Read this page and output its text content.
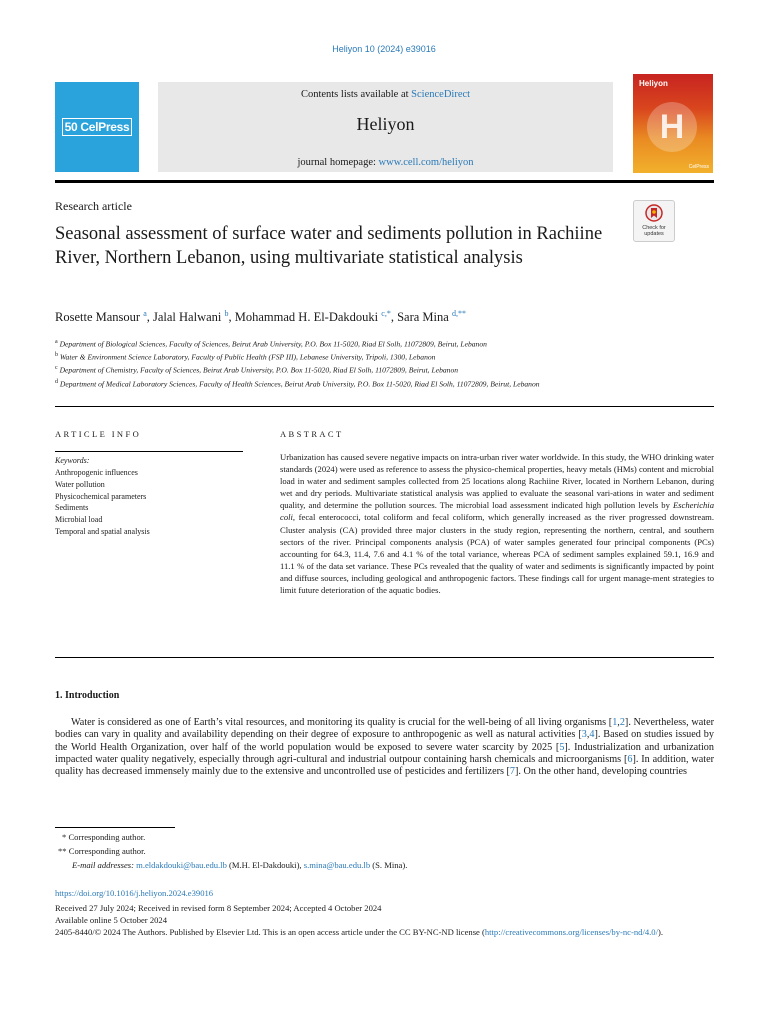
Heliyon 10 (2024) e39016
50 CelPress
Contents lists available at ScienceDirect
Heliyon
journal homepage: www.cell.com/heliyon
Heliyon
H
CelPress
Research article
Check for updates
Seasonal assessment of surface water and sediments pollution in Rachiine River, Northern Lebanon, using multivariate statistical analysis
Rosette Mansour $^a$, Jalal Halwani $^b$, Mohammad H. El-Dakdouki $^{c,*}$, Sara Mina $^{d,**}$
$^a$ Department of Biological Sciences, Faculty of Sciences, Beirut Arab University, P.O. Box 11-5020, Riad El Solh, 11072809, Beirut, Lebanon
$^b$ Water & Environment Science Laboratory, Faculty of Public Health (FSP III), Lebanese University, Tripoli, 1300, Lebanon
$^c$ Department of Chemistry, Faculty of Sciences, Beirut Arab University, P.O. Box 11-5020, Riad El Solh, 11072809, Beirut, Lebanon
$^d$ Department of Medical Laboratory Sciences, Faculty of Health Sciences, Beirut Arab University, P.O. Box 11-5020, Riad El Solh, 11072809, Beirut, Lebanon
ARTICLE INFO
Keywords:
Anthropogenic influences
Water pollution
Physicochemical parameters
Sediments
Microbial load
Temporal and spatial analysis
ABSTRACT
Urbanization has caused severe negative impacts on intra-urban river water worldwide. In this study, the WHO drinking water standards (2024) were used as reference to assess the physico-chemical properties, heavy metals (HMs) content and microbial load in water and sediment samples collected from 25 locations along Rachiine River, located in Northern Lebanon, during wet and dry periods. Multivariate statistical analysis was applied to evaluate the seasonal vari-ations in water and sediment quality, and determine the pollution sources. The microbial load assessment indicated high pollution levels by Escherichia coli, fecal enterococci, total coliform and fecal coliform, which generally increased as the river progressed downstream. Cluster analysis (CA) provided three major clusters in the study region, representing the northern, central, and southern sectors of the river. Principal components analysis (PCA) of water samples generated four principal components (PCs) accounting for 64.3, 11.4, 7.6 and 4.1 % of the total variance, whereas PCA of sediment samples explained 59.1, 16.9 and 11.1 % of the data set variance. These PCs revealed that the quality of water and sediments is significantly impacted by point and diffuse sources, including geological and anthropogenic factors. These findings call for urgent manage-ment strategies to limit future deterioration of the aquatic bodies.
1. Introduction
Water is considered as one of Earth’s vital resources, and monitoring its quality is crucial for the well-being of all living organisms [1,2]. Nevertheless, water bodies can vary in quality and availability depending on their degree of exposure to anthropogenic as well as natural activities [3,4]. Based on studies issued by the World Health Organization, over half of the world population would be exposed to severe water scarcity by 2025 [5]. Industrialization and urbanization impacted water quality negatively, especially through agri-cultural and industrial outpour containing harsh chemicals and microorganisms [6]. In addition, water quality has decreased immensely mainly due to the extensive and uncontrolled use of pesticides and fertilizers [7]. On the other hand, developing countries
* Corresponding author.
** Corresponding author.
E-mail addresses: m.eldakdouki@bau.edu.lb (M.H. El-Dakdouki), s.mina@bau.edu.lb (S. Mina).
https://doi.org/10.1016/j.heliyon.2024.e39016
Received 27 July 2024; Received in revised form 8 September 2024; Accepted 4 October 2024
Available online 5 October 2024
2405-8440/© 2024 The Authors. Published by Elsevier Ltd. This is an open access article under the CC BY-NC-ND license (http://creativecommons.org/licenses/by-nc-nd/4.0/).
